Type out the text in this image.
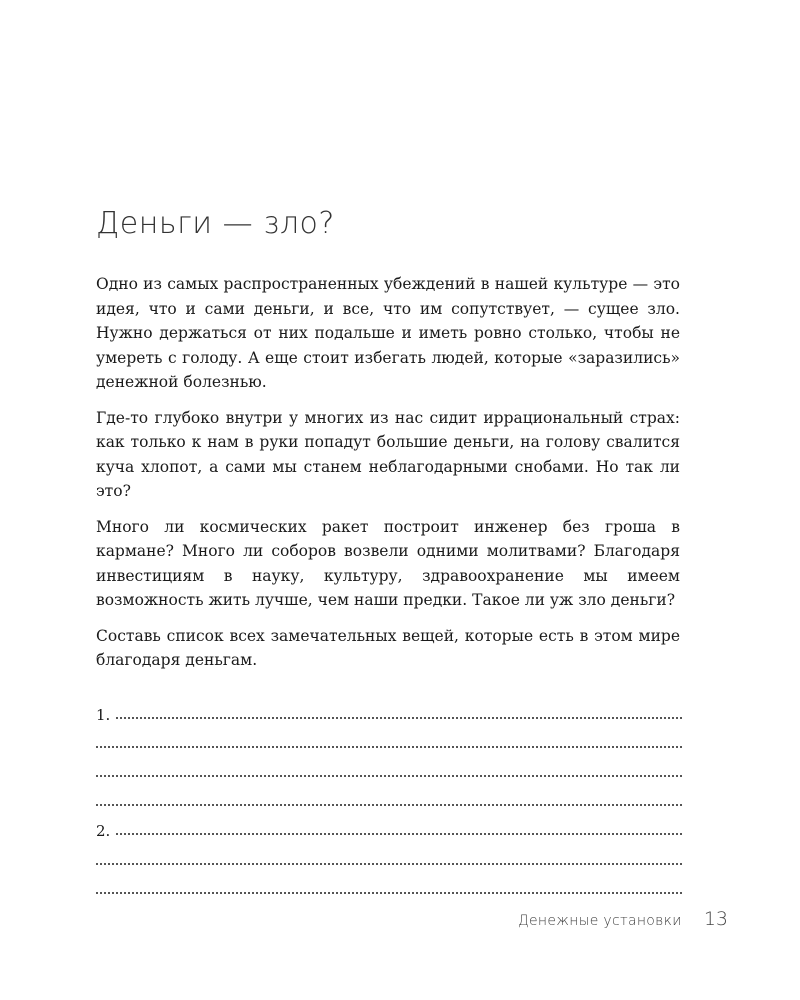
Деньги — зло?

Одно из самых распространенных убеждений в нашей культуре — это идея, что и сами деньги, и все, что им сопутствует, — сущее зло. Нужно держаться от них подальше и иметь ровно столько, чтобы не умереть с голоду. А еще стоит избегать людей, которые «заразились» денежной болезнью.

Где-то глубоко внутри у многих из нас сидит иррациональный страх: как только к нам в руки попадут большие деньги, на голову свалится куча хлопот, а сами мы станем неблагодарными снобами. Но так ли это?

Много ли космических ракет построит инженер без гроша в кармане? Много ли соборов возвели одними молитвами? Благодаря инвестициям в науку, культуру, здравоохранение мы имеем возможность жить лучше, чем наши предки. Такое ли уж зло деньги?

Составь список всех замечательных вещей, которые есть в этом мире благодаря деньгам.

1.
2.
Денежные установки 13
